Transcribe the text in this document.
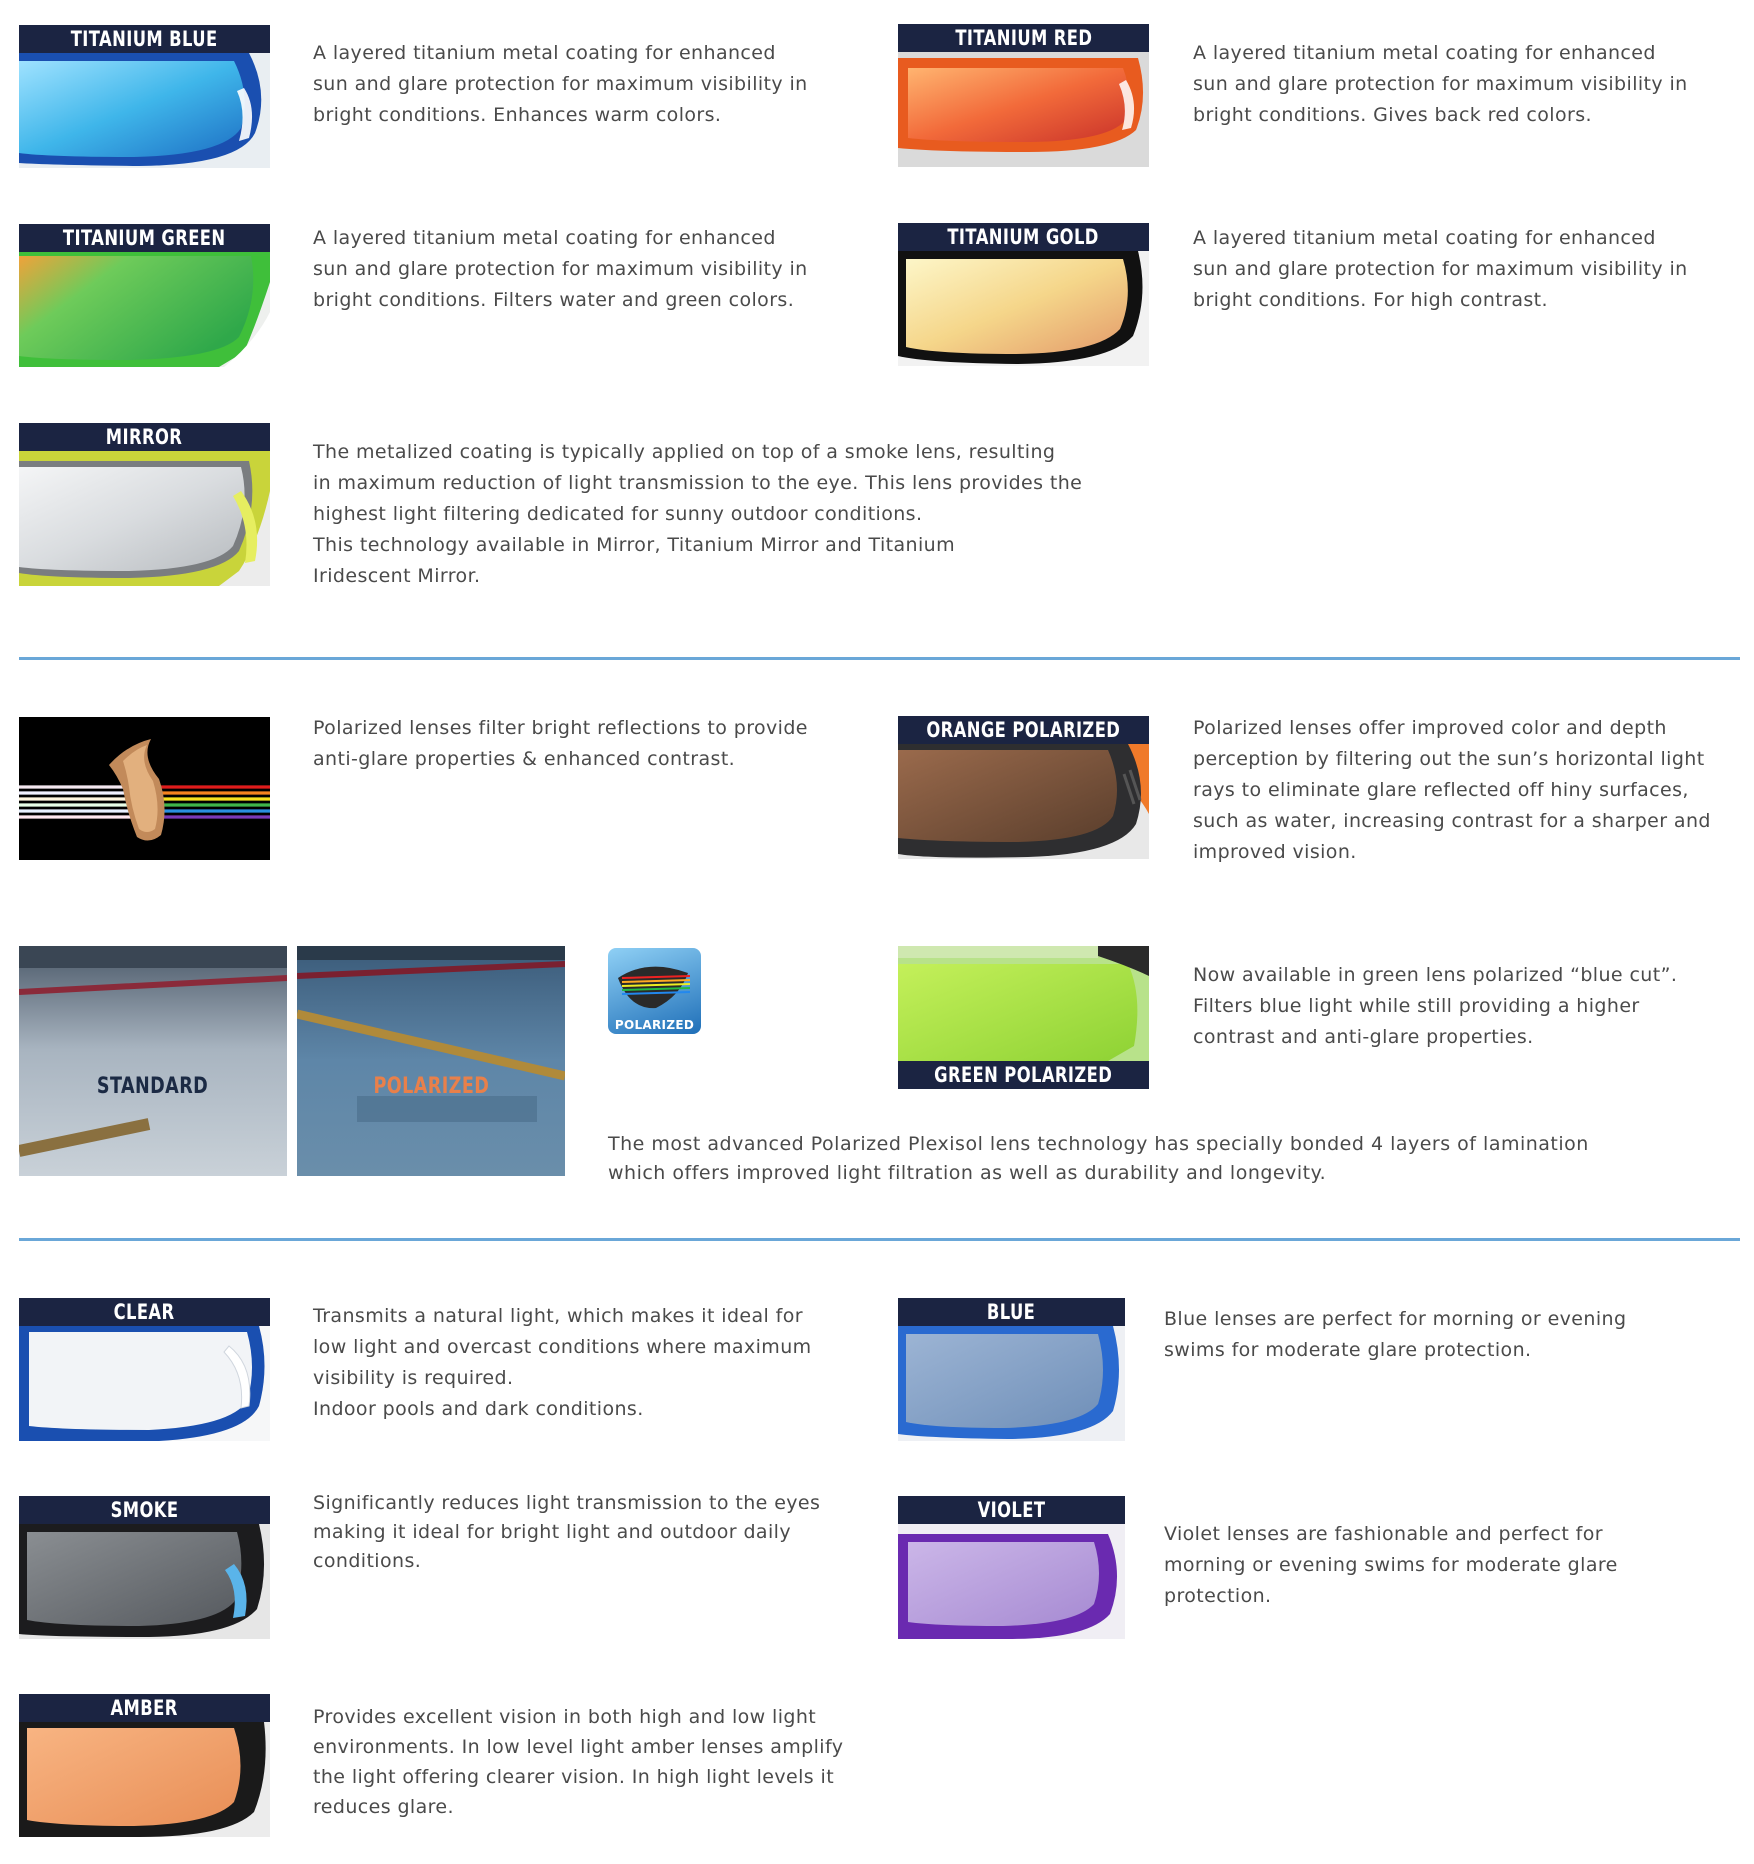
TITANIUM BLUE

A layered titanium metal coating for enhanced

sun and glare protection for maximum visibility in

bright conditions. Enhances warm colors.

TITANIUM RED

A layered titanium metal coating for enhanced

sun and glare protection for maximum visibility in

bright conditions. Gives back red colors.

TITANIUM GREEN	A layered titanium metal coating for enhanced

sun and glare protection for maximum visibility in

bright conditions. Filters water and green colors.

TITANIUM GOLD	A layered titanium metal coating for enhanced

sun and glare protection for maximum visibility in

bright conditions. For high contrast.

MIRROR

The metalized coating is typically applied on top of a smoke lens, resulting

in maximum reduction of light transmission to the eye. This lens provides the

highest light filtering dedicated for sunny outdoor conditions.

This technology available in Mirror, Titanium Mirror and Titanium

Iridescent Mirror.

Polarized lenses filter bright reflections to provide

anti-glare properties & enhanced contrast.

ORANGE POLARIZED	Polarized lenses offer improved color and depth

perception by filtering out the sun’s horizontal light

rays to eliminate glare reflected off hiny surfaces,

such as water, increasing contrast for a sharper and

improved vision.

STANDARD	POLARIZED
POLARIZED
GREEN POLARIZED

Now available in green lens polarized “blue cut”.

Filters blue light while still providing a higher

contrast and anti-glare properties.

The most advanced Polarized Plexisol lens technology has specially bonded 4 layers of lamination

which offers improved light filtration as well as durability and longevity.

CLEAR	Transmits a natural light, which makes it ideal for

low light and overcast conditions where maximum

visibility is required.

Indoor pools and dark conditions.

BLUE	Blue lenses are perfect for morning or evening

swims for moderate glare protection.

SMOKE	Significantly reduces light transmission to the eyes

making it ideal for bright light and outdoor daily

conditions.

VIOLET

Violet lenses are fashionable and perfect for

morning or evening swims for moderate glare

protection.

AMBER	Provides excellent vision in both high and low light

environments. In low level light amber lenses amplify

the light offering clearer vision. In high light levels it

reduces glare.
